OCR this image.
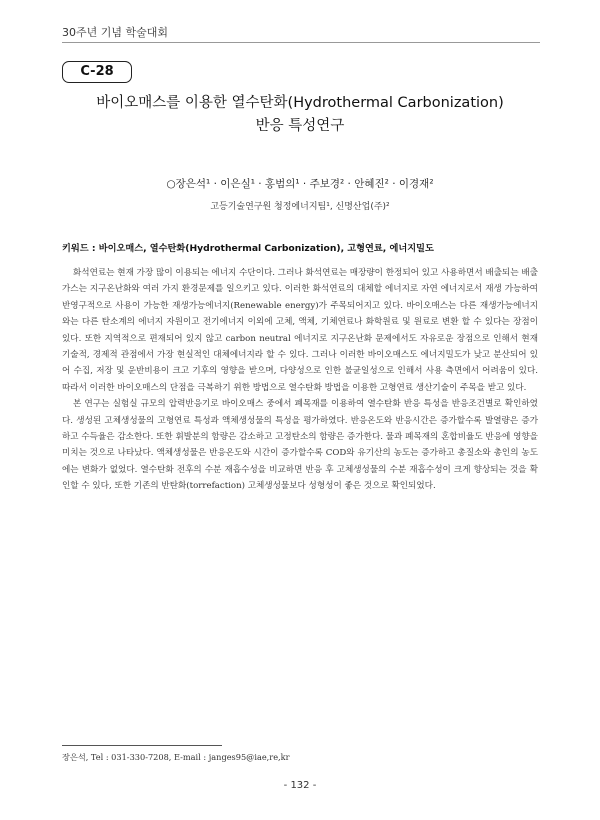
30주년 기념 학술대회
C-28
바이오매스를 이용한 열수탄화(Hydrothermal Carbonization)
반응 특성연구
○장은석¹ · 이은실¹ · 홍범의¹ · 주보경² · 안혜진² · 이경재²
고등기술연구원 청정에너지팀¹, 신명산업(주)²
키워드 : 바이오매스, 열수탄화(Hydrothermal Carbonization), 고형연료, 에너지밀도

화석연료는 현재 가장 많이 이용되는 에너지 수단이다. 그러나 화석연료는 매장량이 한정되어 있고 사용하면서 배출되는 배출가스는 지구온난화와 여러 가지 환경문제를 일으키고 있다. 이러한 화석연료의 대체할 에너지로 자연 에너지로서 재생 가능하여 반영구적으로 사용이 가능한 재생가능에너지(Renewable energy)가 주목되어지고 있다. 바이오매스는 다른 재생가능에너지와는 다른 탄소계의 에너지 자원이고 전기에너지 이외에 고체, 액체, 기체연료나 화학원료 및 원료로 변환 할 수 있다는 장점이 있다. 또한 지역적으로 편재되어 있지 않고 carbon neutral 에너지로 지구온난화 문제에서도 자유로운 장점으로 인해서 현재 기술적, 경제적 관점에서 가장 현실적인 대체에너지라 할 수 있다. 그러나 이러한 바이오매스도 에너지밀도가 낮고 분산되어 있어 수집, 저장 및 운반비용이 크고 기후의 영향을 받으며, 다양성으로 인한 불균일성으로 인해서 사용 측면에서 어려움이 있다. 따라서 이러한 바이오매스의 단점을 극복하기 위한 방법으로 열수탄화 방법을 이용한 고형연료 생산기술이 주목을 받고 있다.

본 연구는 실험실 규모의 압력반응기로 바이오매스 중에서 폐목재를 이용하여 열수탄화 반응 특성을 반응조건별로 확인하였다. 생성된 고체생성물의 고형연료 특성과 액체생성물의 특성을 평가하였다. 반응온도와 반응시간은 증가할수록 발열량은 증가하고 수득율은 감소한다. 또한 휘발분의 함량은 감소하고 고정탄소의 함량은 증가한다. 물과 폐목재의 혼합비율도 반응에 영향을 미치는 것으로 나타났다. 액체생성물은 반응온도와 시간이 증가할수록 COD와 유기산의 농도는 증가하고 총질소와 총인의 농도에는 변화가 없었다. 열수탄화 전후의 수분 재흡수성을 비교하면 반응 후 고체생성물의 수분 재흡수성이 크게 향상되는 것을 확인할 수 있다, 또한 기존의 반탄화(torrefaction) 고체생성물보다 성형성이 좋은 것으로 확인되었다.

장은석, Tel : 031-330-7208, E-mail : janges95@iae,re,kr
- 132 -
